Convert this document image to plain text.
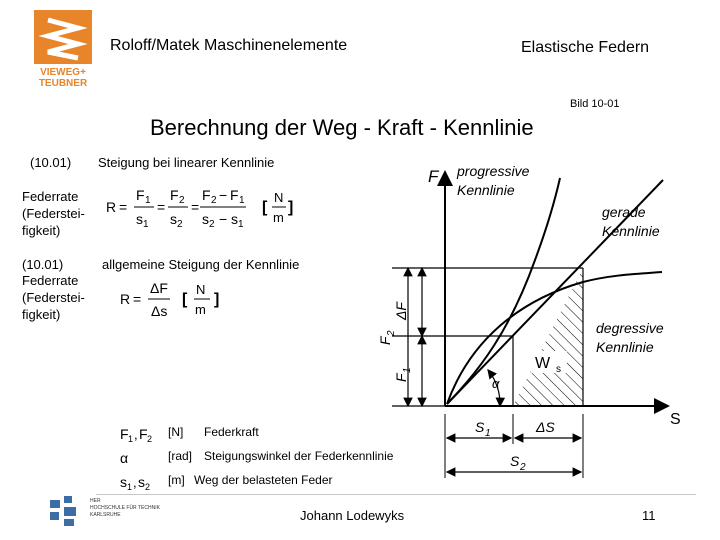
VIEWEG+
TEUBNER
Roloff/Matek Maschinenelemente	Elastische Federn
Bild 10-01
Berechnung der Weg - Kraft - Kennlinie
(10.01) Steigung bei linearer Kennlinie
Federrate
(Federstei-
figkeit)
R =
F 1
s 1
=
F 2
s 2
=
F 2 − F 1
s 2 − s 1
[
N
m
]
(10.01)	allgemeine Steigung der Kennlinie
Federrate
(Federstei-
figkeit)
R =
ΔF
Δs
[
N
m
]
F 1 , F 2 [N] Federkraft
α	[rad] Steigungswinkel der Federkennlinie
s 1 , s 2 [m] Weg der belasteten Feder
F
S
progressive
Kennlinie
gerade
Kennlinie
degressive
Kennlinie
α
S 1	ΔS
S 2
F
2
ΔF
F
1	W s
HER
HOCHSCHULE FÜR TECHNIK
KARLSRUHE	Johann Lodewyks	11
